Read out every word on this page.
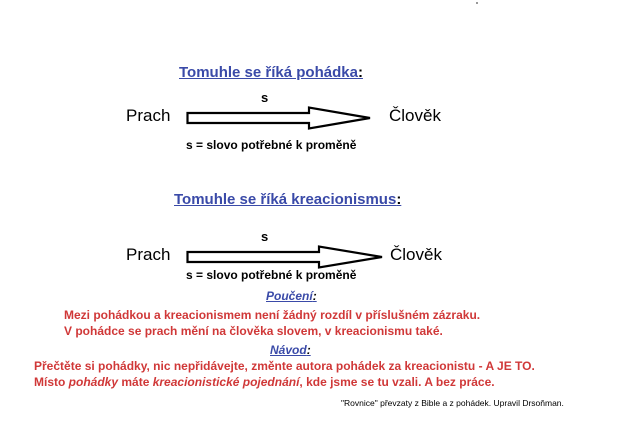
Tomuhle se říká pohádka:
Prach
s
Člověk
s = slovo potřebné k proměně
Tomuhle se říká kreacionismus:
Prach
s
Člověk
s = slovo potřebné k proměně
Poučení:
Mezi pohádkou a kreacionismem není žádný rozdíl v příslušném zázraku.
V pohádce se prach mění na člověka slovem, v kreacionismu také.
Návod:
Přečtěte si pohádky, nic nepřidávejte, změnte autora pohádek za kreacionistu - A JE TO.
Místo pohádky máte kreacionistické pojednání, kde jsme se tu vzali. A bez práce.
"Rovnice" převzaty z Bible a z pohádek. Upravil Drsoňman.
